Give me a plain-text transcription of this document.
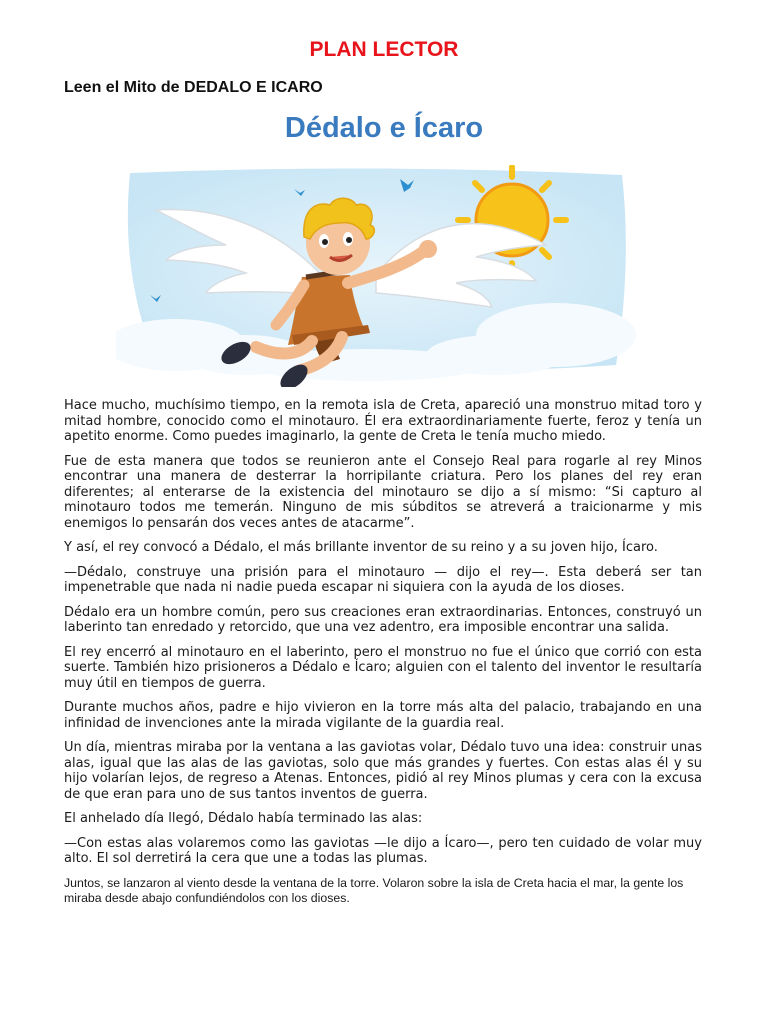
PLAN LECTOR
Leen el Mito de DEDALO E ICARO
Dédalo e Ícaro

Hace mucho, muchísimo tiempo, en la remota isla de Creta, apareció una monstruo mitad toro y mitad hombre, conocido como el minotauro. Él era extraordinariamente fuerte, feroz y tenía un apetito enorme. Como puedes imaginarlo, la gente de Creta le tenía mucho miedo.

Fue de esta manera que todos se reunieron ante el Consejo Real para rogarle al rey Minos encontrar una manera de desterrar la horripilante criatura. Pero los planes del rey eran diferentes; al enterarse de la existencia del minotauro se dijo a sí mismo: “Si capturo al minotauro todos me temerán. Ninguno de mis súbditos se atreverá a traicionarme y mis enemigos lo pensarán dos veces antes de atacarme”.

Y así, el rey convocó a Dédalo, el más brillante inventor de su reino y a su joven hijo, Ícaro.

—Dédalo, construye una prisión para el minotauro — dijo el rey—. Esta deberá ser tan impenetrable que nada ni nadie pueda escapar ni siquiera con la ayuda de los dioses.

Dédalo era un hombre común, pero sus creaciones eran extraordinarias. Entonces, construyó un laberinto tan enredado y retorcido, que una vez adentro, era imposible encontrar una salida.

El rey encerró al minotauro en el laberinto, pero el monstruo no fue el único que corrió con esta suerte. También hizo prisioneros a Dédalo e Ícaro; alguien con el talento del inventor le resultaría muy útil en tiempos de guerra.

Durante muchos años, padre e hijo vivieron en la torre más alta del palacio, trabajando en una infinidad de invenciones ante la mirada vigilante de la guardia real.

Un día, mientras miraba por la ventana a las gaviotas volar, Dédalo tuvo una idea: construir unas alas, igual que las alas de las gaviotas, solo que más grandes y fuertes. Con estas alas él y su hijo volarían lejos, de regreso a Atenas. Entonces, pidió al rey Minos plumas y cera con la excusa de que eran para uno de sus tantos inventos de guerra.

El anhelado día llegó, Dédalo había terminado las alas:

—Con estas alas volaremos como las gaviotas —le dijo a Ícaro—, pero ten cuidado de volar muy alto. El sol derretirá la cera que une a todas las plumas.

Juntos, se lanzaron al viento desde la ventana de la torre. Volaron sobre la isla de Creta hacia el mar, la gente los miraba desde abajo confundiéndolos con los dioses.
